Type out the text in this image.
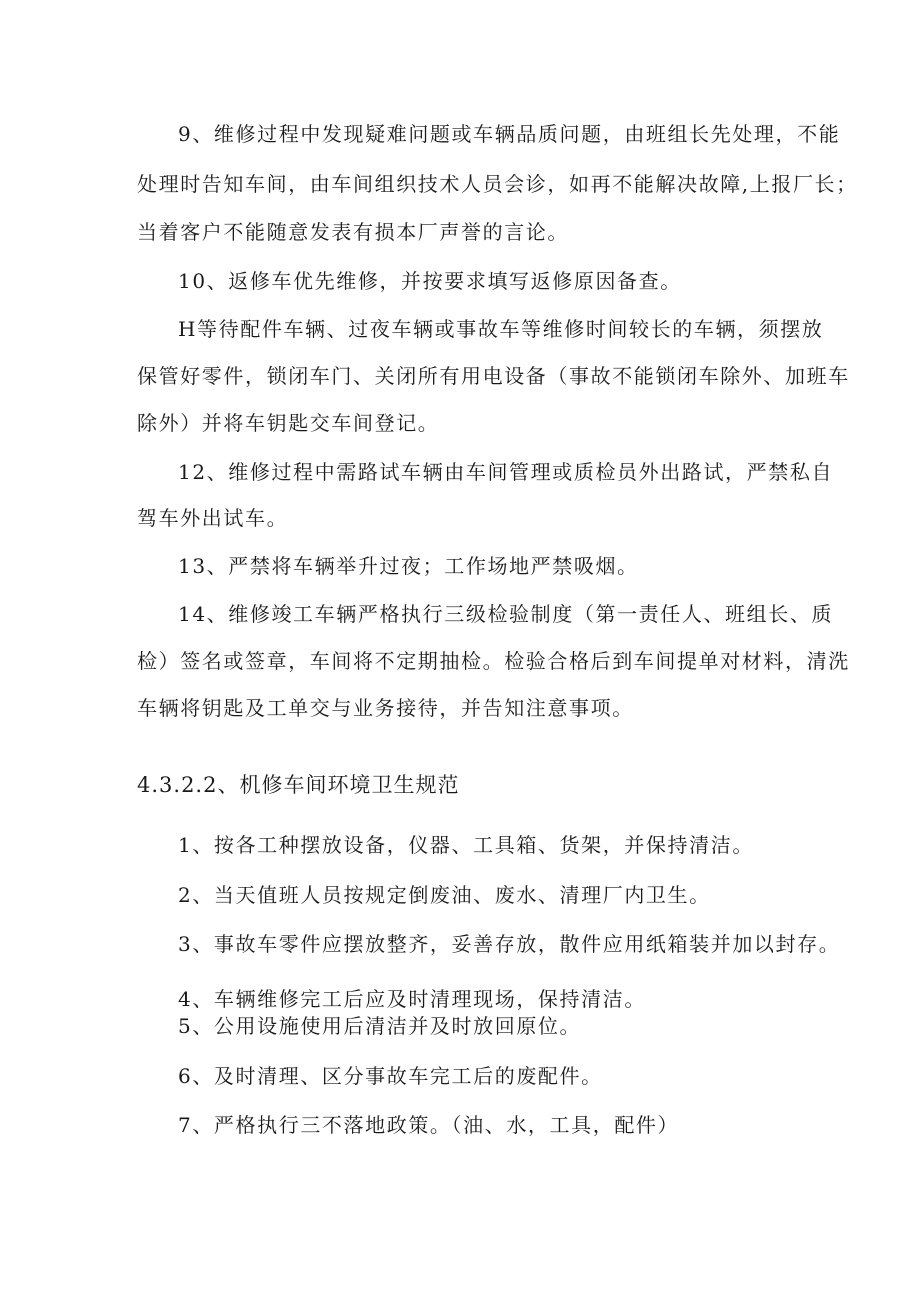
9、维修过程中发现疑难问题或车辆品质问题，由班组长先处理，不能
处理时告知车间，由车间组织技术人员会诊，如再不能解决故障,上报厂长；
当着客户不能随意发表有损本厂声誉的言论。
10、返修车优先维修，并按要求填写返修原因备查。
H等待配件车辆、过夜车辆或事故车等维修时间较长的车辆，须摆放
保管好零件，锁闭车门、关闭所有用电设备（事故不能锁闭车除外、加班车
除外）并将车钥匙交车间登记。
12、维修过程中需路试车辆由车间管理或质检员外出路试，严禁私自
驾车外出试车。
13、严禁将车辆举升过夜；工作场地严禁吸烟。
14、维修竣工车辆严格执行三级检验制度（第一责任人、班组长、质
检）签名或签章，车间将不定期抽检。检验合格后到车间提单对材料，清洗
车辆将钥匙及工单交与业务接待，并告知注意事项。
4.3.2.2、机修车间环境卫生规范
1、按各工种摆放设备，仪器、工具箱、货架，并保持清洁。
2、当天值班人员按规定倒废油、废水、清理厂内卫生。
3、事故车零件应摆放整齐，妥善存放，散件应用纸箱装并加以封存。
4、车辆维修完工后应及时清理现场，保持清洁。
5、公用设施使用后清洁并及时放回原位。
6、及时清理、区分事故车完工后的废配件。
7、严格执行三不落地政策。（油、水，工具，配件）
